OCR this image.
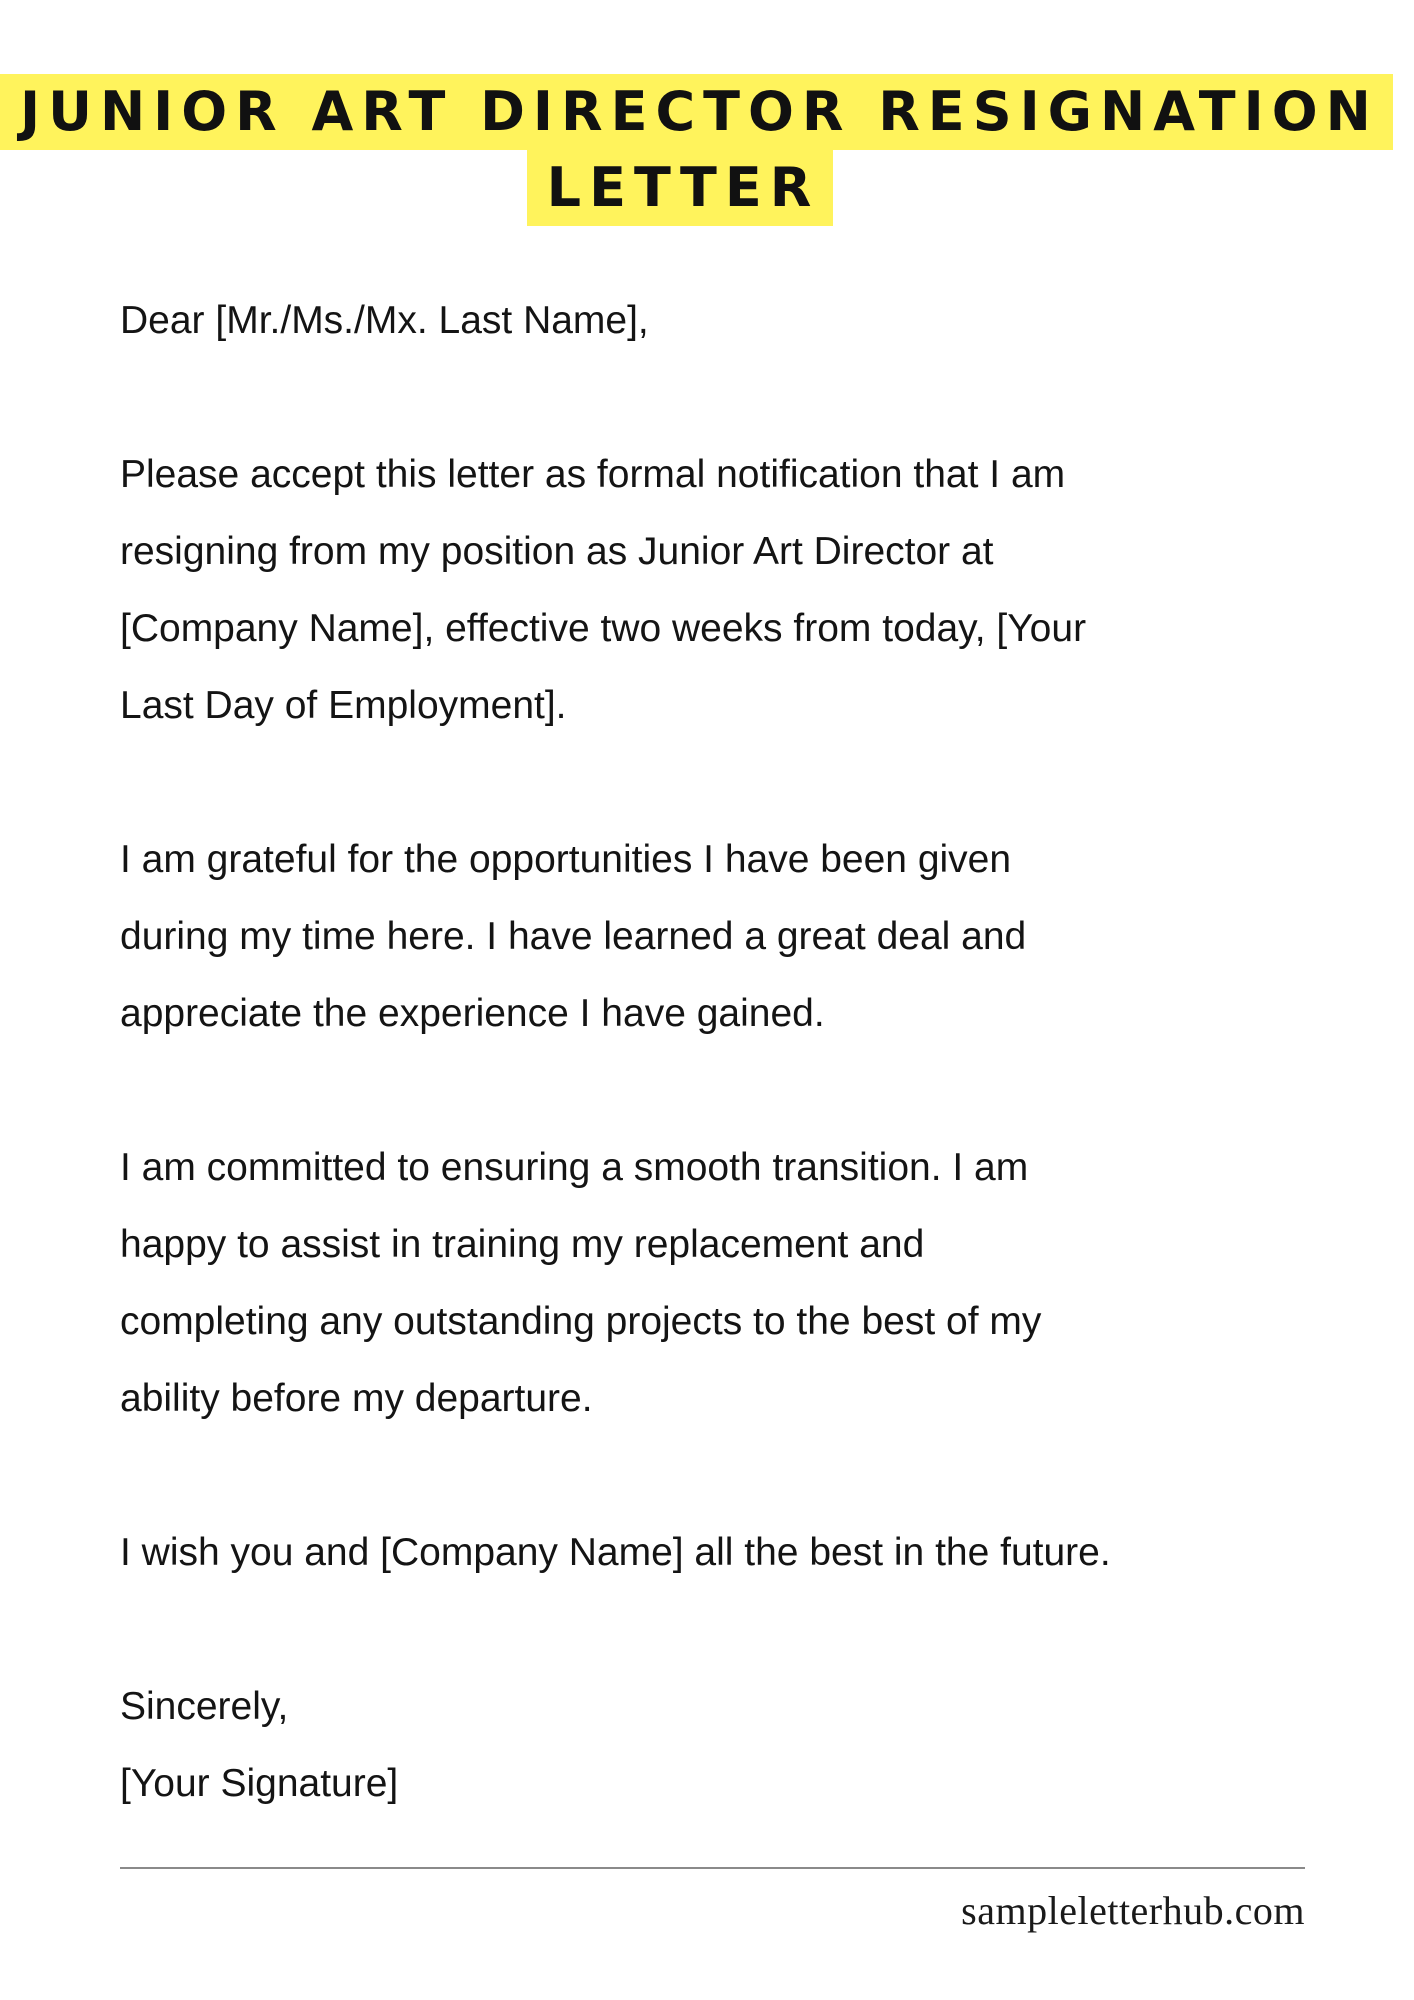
JUNIOR ART DIRECTOR RESIGNATION
LETTER

Dear [Mr./Ms./Mx. Last Name],

Please accept this letter as formal notification that I am
resigning from my position as Junior Art Director at
[Company Name], effective two weeks from today, [Your
Last Day of Employment].

I am grateful for the opportunities I have been given
during my time here. I have learned a great deal and
appreciate the experience I have gained.

I am committed to ensuring a smooth transition. I am
happy to assist in training my replacement and
completing any outstanding projects to the best of my
ability before my departure.

I wish you and [Company Name] all the best in the future.

Sincerely,

[Your Signature]

sampleletterhub.com
